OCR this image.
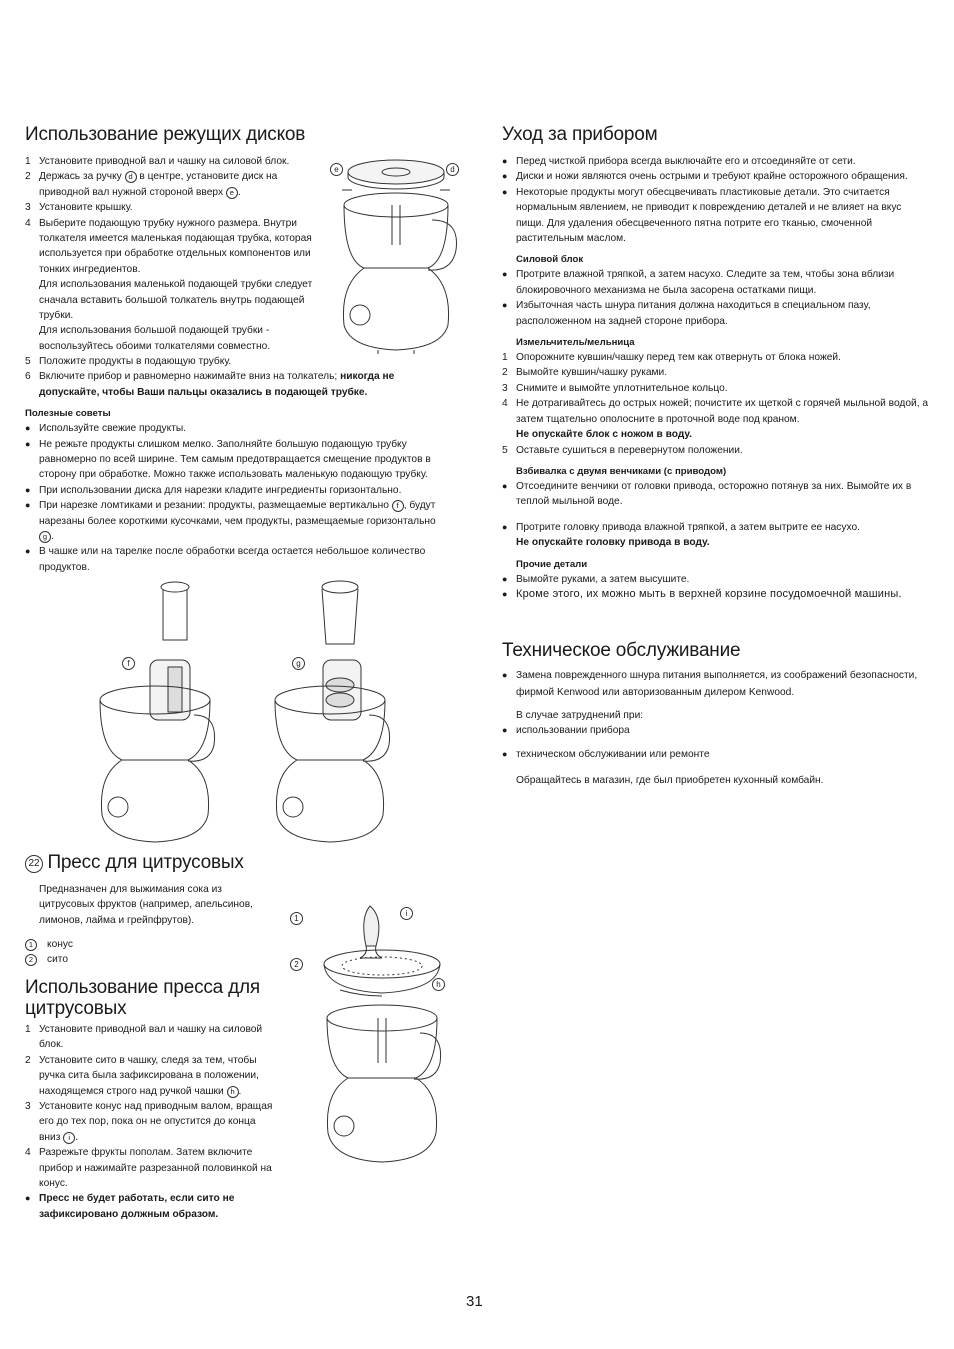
Использование режущих дисков
1 Установите приводной вал и чашку на силовой блок.
2 Держась за ручку d в центре, установите диск на приводной вал нужной стороной вверх e .
3 Установите крышку.
4 Выберите подающую трубку нужного размера. Внутри толкателя имеется маленькая подающая трубка, которая используется при обработке отдельных компонентов или тонких ингредиентов.
Для использования маленькой подающей трубки следует сначала вставить большой толкатель внутрь подающей трубки.
Для использования большой подающей трубки - воспользуйтесь обоими толкателями совместно.
5 Положите продукты в подающую трубку.
6 Включите прибор и равномерно нажимайте вниз на толкатель; никогда не допускайте, чтобы Ваши пальцы оказались в подающей трубке.
Полезные советы
● Используйте свежие продукты.
● Не режьте продукты слишком мелко. Заполняйте большую подающую трубку равномерно по всей ширине. Тем самым предотвращается смещение продуктов в сторону при обработке. Можно также использовать маленькую подающую трубку.
● При использовании диска для нарезки кладите ингредиенты горизонтально.
● При нарезке ломтиками и резании: продукты, размещаемые вертикально f , будут нарезаны более короткими кусочками, чем продукты, размещаемые горизонтально g .
● В чашке или на тарелке после обработки всегда остается небольшое количество продуктов.
e	d
f	g
22 Пресс для цитрусовых
Предназначен для выжимания сока из цитрусовых фруктов (например, апельсинов, лимонов, лайма и грейпфрутов).
1	конус
2	сито
Использование пресса для цитрусовых
1 Установите приводной вал и чашку на силовой блок.
2 Установите сито в чашку, следя за тем, чтобы ручка сита была зафиксирована в положении, находящемся строго над ручкой чашки h .
3 Установите конус над приводным валом, вращая его до тех пор, пока он не опустится до конца вниз i .
4 Разрежьте фрукты пополам. Затем включите прибор и нажимайте разрезанной половинкой на конус.
● Пресс не будет работать, если сито не зафиксировано должным образом.
1
2
i
h
Уход за прибором
● Перед чисткой прибора всегда выключайте его и отсоединяйте от сети.
● Диски и ножи являются очень острыми и требуют крайне осторожного обращения.
● Некоторые продукты могут обесцвечивать пластиковые детали. Это считается нормальным явлением, не приводит к повреждению деталей и не влияет на вкус пищи. Для удаления обесцвеченного пятна потрите его тканью, смоченной растительным маслом.
Силовой блок
● Протрите влажной тряпкой, а затем насухо. Следите за тем, чтобы зона вблизи блокировочного механизма не была засорена остатками пищи.
● Избыточная часть шнура питания должна находиться в специальном пазу, расположенном на задней стороне прибора.
Измельчитель/мельница
1 Опорожните кувшин/чашку перед тем как отвернуть от блока ножей.
2 Вымойте кувшин/чашку руками.
3 Снимите и вымойте уплотнительное кольцо.
4 Не дотрагивайтесь до острых ножей; почистите их щеткой с горячей мыльной водой, а затем тщательно ополосните в проточной воде под краном.
Не опускайте блок с ножом в воду.
5 Оставьте сушиться в перевернутом положении.
Взбивалка с двумя венчиками (с приводом)
● Отсоедините венчики от головки привода, осторожно потянув за них. Вымойте их в теплой мыльной воде.
● Протрите головку привода влажной тряпкой, а затем вытрите ее насухо.
Не опускайте головку привода в воду.
Прочие детали
● Вымойте руками, а затем высушите.
● Кроме этого, их можно мыть в верхней корзине посудомоечной машины.
Техническое обслуживание
● Замена поврежденного шнура питания выполняется, из соображений безопасности, фирмой Kenwood или авторизованным дилером Kenwood.
В случае затруднений при:
● использовании прибора
● техническом обслуживании или ремонте
Обращайтесь в магазин, где был приобретен кухонный комбайн.
31
